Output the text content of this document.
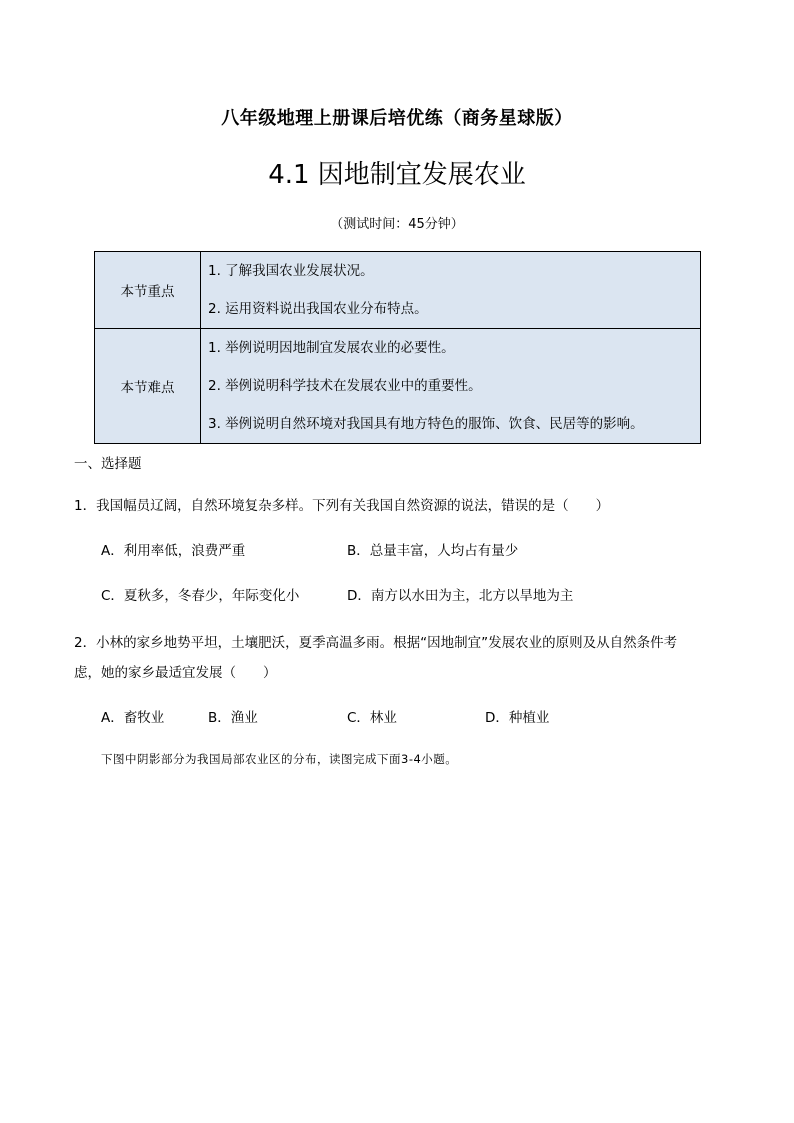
八年级地理上册课后培优练（商务星球版）
4.1 因地制宜发展农业
（测试时间：45分钟）
本节重点	1. 了解我国农业发展状况。
2. 运用资料说出我国农业分布特点。

本节难点	1. 举例说明因地制宜发展农业的必要性。
2. 举例说明科学技术在发展农业中的重要性。
3. 举例说明自然环境对我国具有地方特色的服饰、饮食、民居等的影响。
一、选择题
1．我国幅员辽阔，自然环境复杂多样。下列有关我国自然资源的说法，错误的是（　　）
A．利用率低，浪费严重	B．总量丰富，人均占有量少
C．夏秋多，冬春少，年际变化小	D．南方以水田为主，北方以旱地为主
2．小林的家乡地势平坦，土壤肥沃，夏季高温多雨。根据“因地制宜”发展农业的原则及从自然条件考
虑，她的家乡最适宜发展（　　）
A．畜牧业	B．渔业	C．林业	D．种植业
下图中阴影部分为我国局部农业区的分布，读图完成下面3-4小题。
